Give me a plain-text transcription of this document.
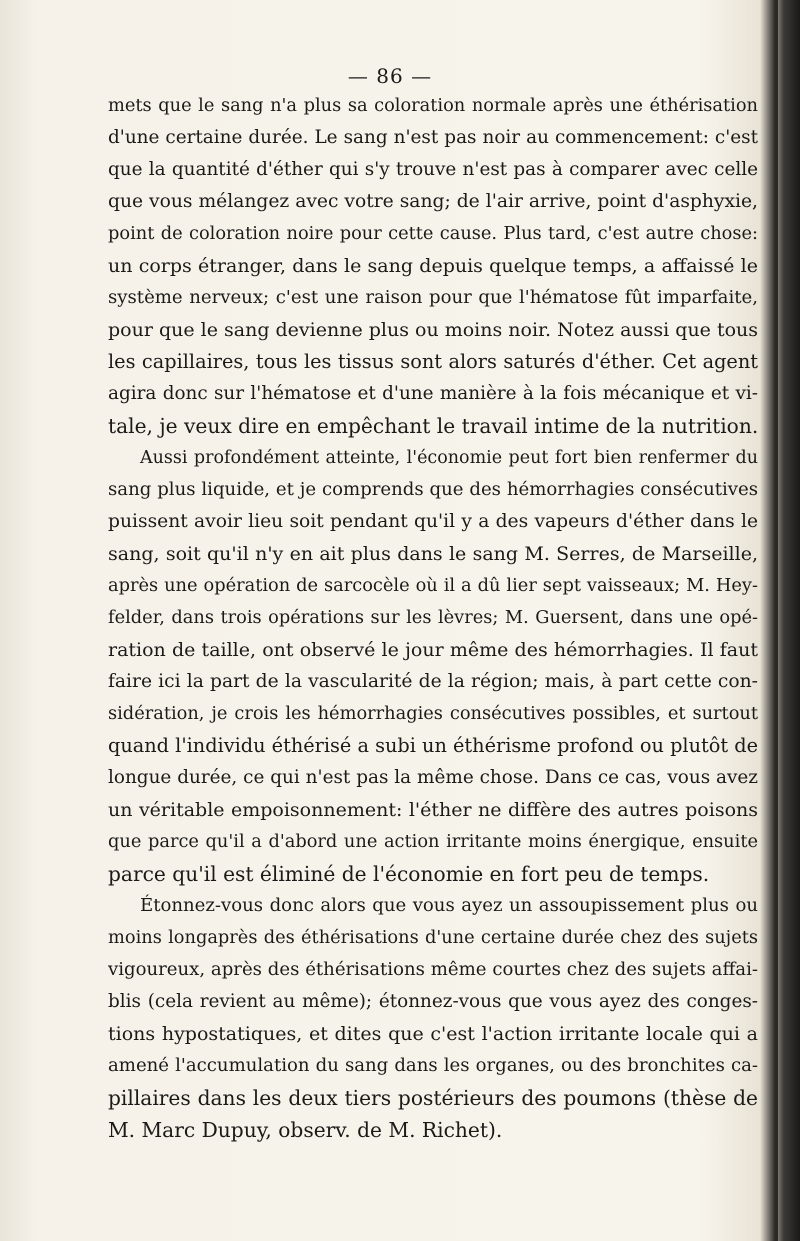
— 86 —
mets que le sang n'a plus sa coloration normale après une éthérisation
d'une certaine durée. Le sang n'est pas noir au commencement: c'est
que la quantité d'éther qui s'y trouve n'est pas à comparer avec celle
que vous mélangez avec votre sang; de l'air arrive, point d'asphyxie,
point de coloration noire pour cette cause. Plus tard, c'est autre chose:
un corps étranger, dans le sang depuis quelque temps, a affaissé le
système nerveux; c'est une raison pour que l'hématose fût imparfaite,
pour que le sang devienne plus ou moins noir. Notez aussi que tous
les capillaires, tous les tissus sont alors saturés d'éther. Cet agent
agira donc sur l'hématose et d'une manière à la fois mécanique et vi-
tale, je veux dire en empêchant le travail intime de la nutrition.
Aussi profondément atteinte, l'économie peut fort bien renfermer du
sang plus liquide, et je comprends que des hémorrhagies consécutives
puissent avoir lieu soit pendant qu'il y a des vapeurs d'éther dans le
sang, soit qu'il n'y en ait plus dans le sang M. Serres, de Marseille,
après une opération de sarcocèle où il a dû lier sept vaisseaux; M. Hey-
felder, dans trois opérations sur les lèvres; M. Guersent, dans une opé-
ration de taille, ont observé le jour même des hémorrhagies. Il faut
faire ici la part de la vascularité de la région; mais, à part cette con-
sidération, je crois les hémorrhagies consécutives possibles, et surtout
quand l'individu éthérisé a subi un éthérisme profond ou plutôt de
longue durée, ce qui n'est pas la même chose. Dans ce cas, vous avez
un véritable empoisonnement: l'éther ne diffère des autres poisons
que parce qu'il a d'abord une action irritante moins énergique, ensuite
parce qu'il est éliminé de l'économie en fort peu de temps.
Étonnez-vous donc alors que vous ayez un assoupissement plus ou
moins longaprès des éthérisations d'une certaine durée chez des sujets
vigoureux, après des éthérisations même courtes chez des sujets affai-
blis (cela revient au même); étonnez-vous que vous ayez des conges-
tions hypostatiques, et dites que c'est l'action irritante locale qui a
amené l'accumulation du sang dans les organes, ou des bronchites ca-
pillaires dans les deux tiers postérieurs des poumons (thèse de
M. Marc Dupuy, observ. de M. Richet).
